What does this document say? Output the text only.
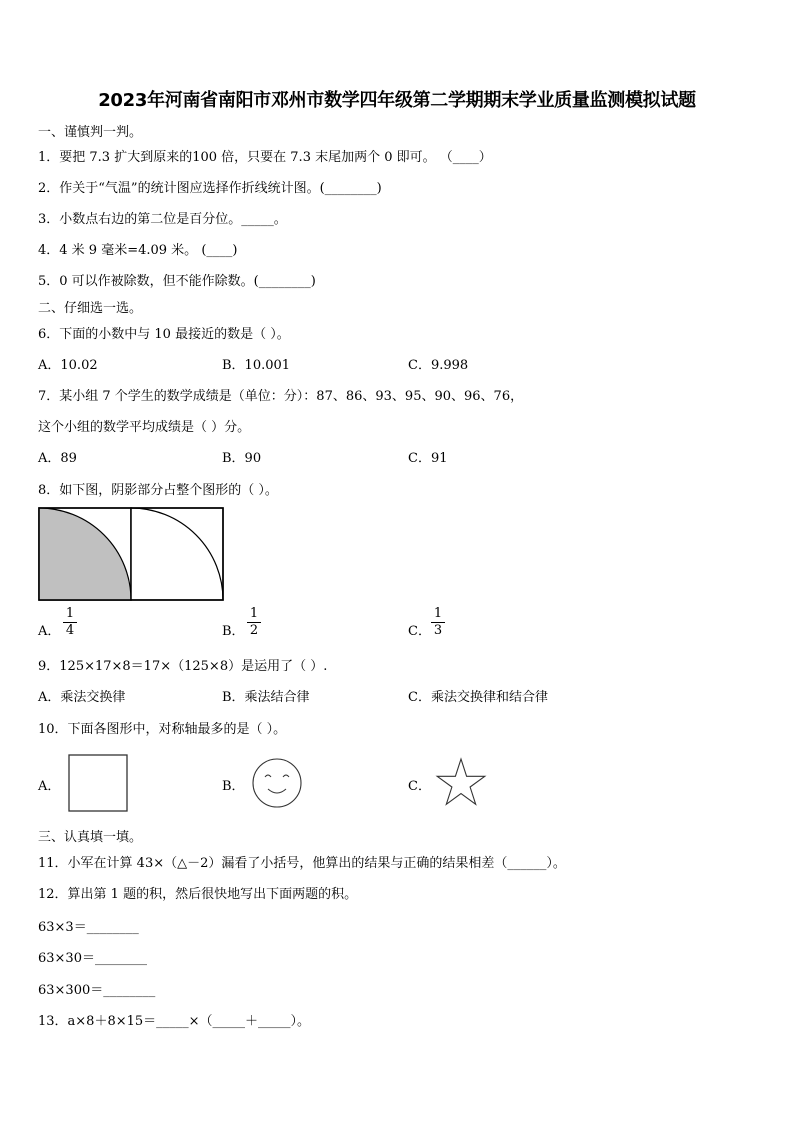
2023年河南省南阳市邓州市数学四年级第二学期期末学业质量监测模拟试题
一、谨慎判一判。
1．要把 7.3 扩大到原来的100 倍，只要在 7.3 末尾加两个 0 即可。 （____）
2．作关于“气温”的统计图应选择作折线统计图。(________)
3．小数点右边的第二位是百分位。_____。
4．4 米 9 毫米=4.09 米。 (____)
5．0 可以作被除数，但不能作除数。(________)
二、仔细选一选。
6．下面的小数中与 10 最接近的数是（ ）。
A．10.02	B．10.001	C．9.998
7．某小组 7 个学生的数学成绩是（单位：分）：87、86、93、95、90、96、76，
这个小组的数学平均成绩是（ ）分。
A．89	B．90	C．91
8．如下图，阴影部分占整个图形的（ ）。
A．
1
4	B．
1
2	C．
1
3
9．125×17×8＝17×（125×8）是运用了（ ）.
A．乘法交换律	B．乘法结合律	C．乘法交换律和结合律
10．下面各图形中，对称轴最多的是（ ）。
A．	B．	C．
三、认真填一填。
11．小军在计算 43×（△－2）漏看了小括号，他算出的结果与正确的结果相差（______）。
12．算出第 1 题的积，然后很快地写出下面两题的积。
63×3＝________
63×30＝________
63×300＝________
13．a×8＋8×15＝_____×（_____＋_____）。
